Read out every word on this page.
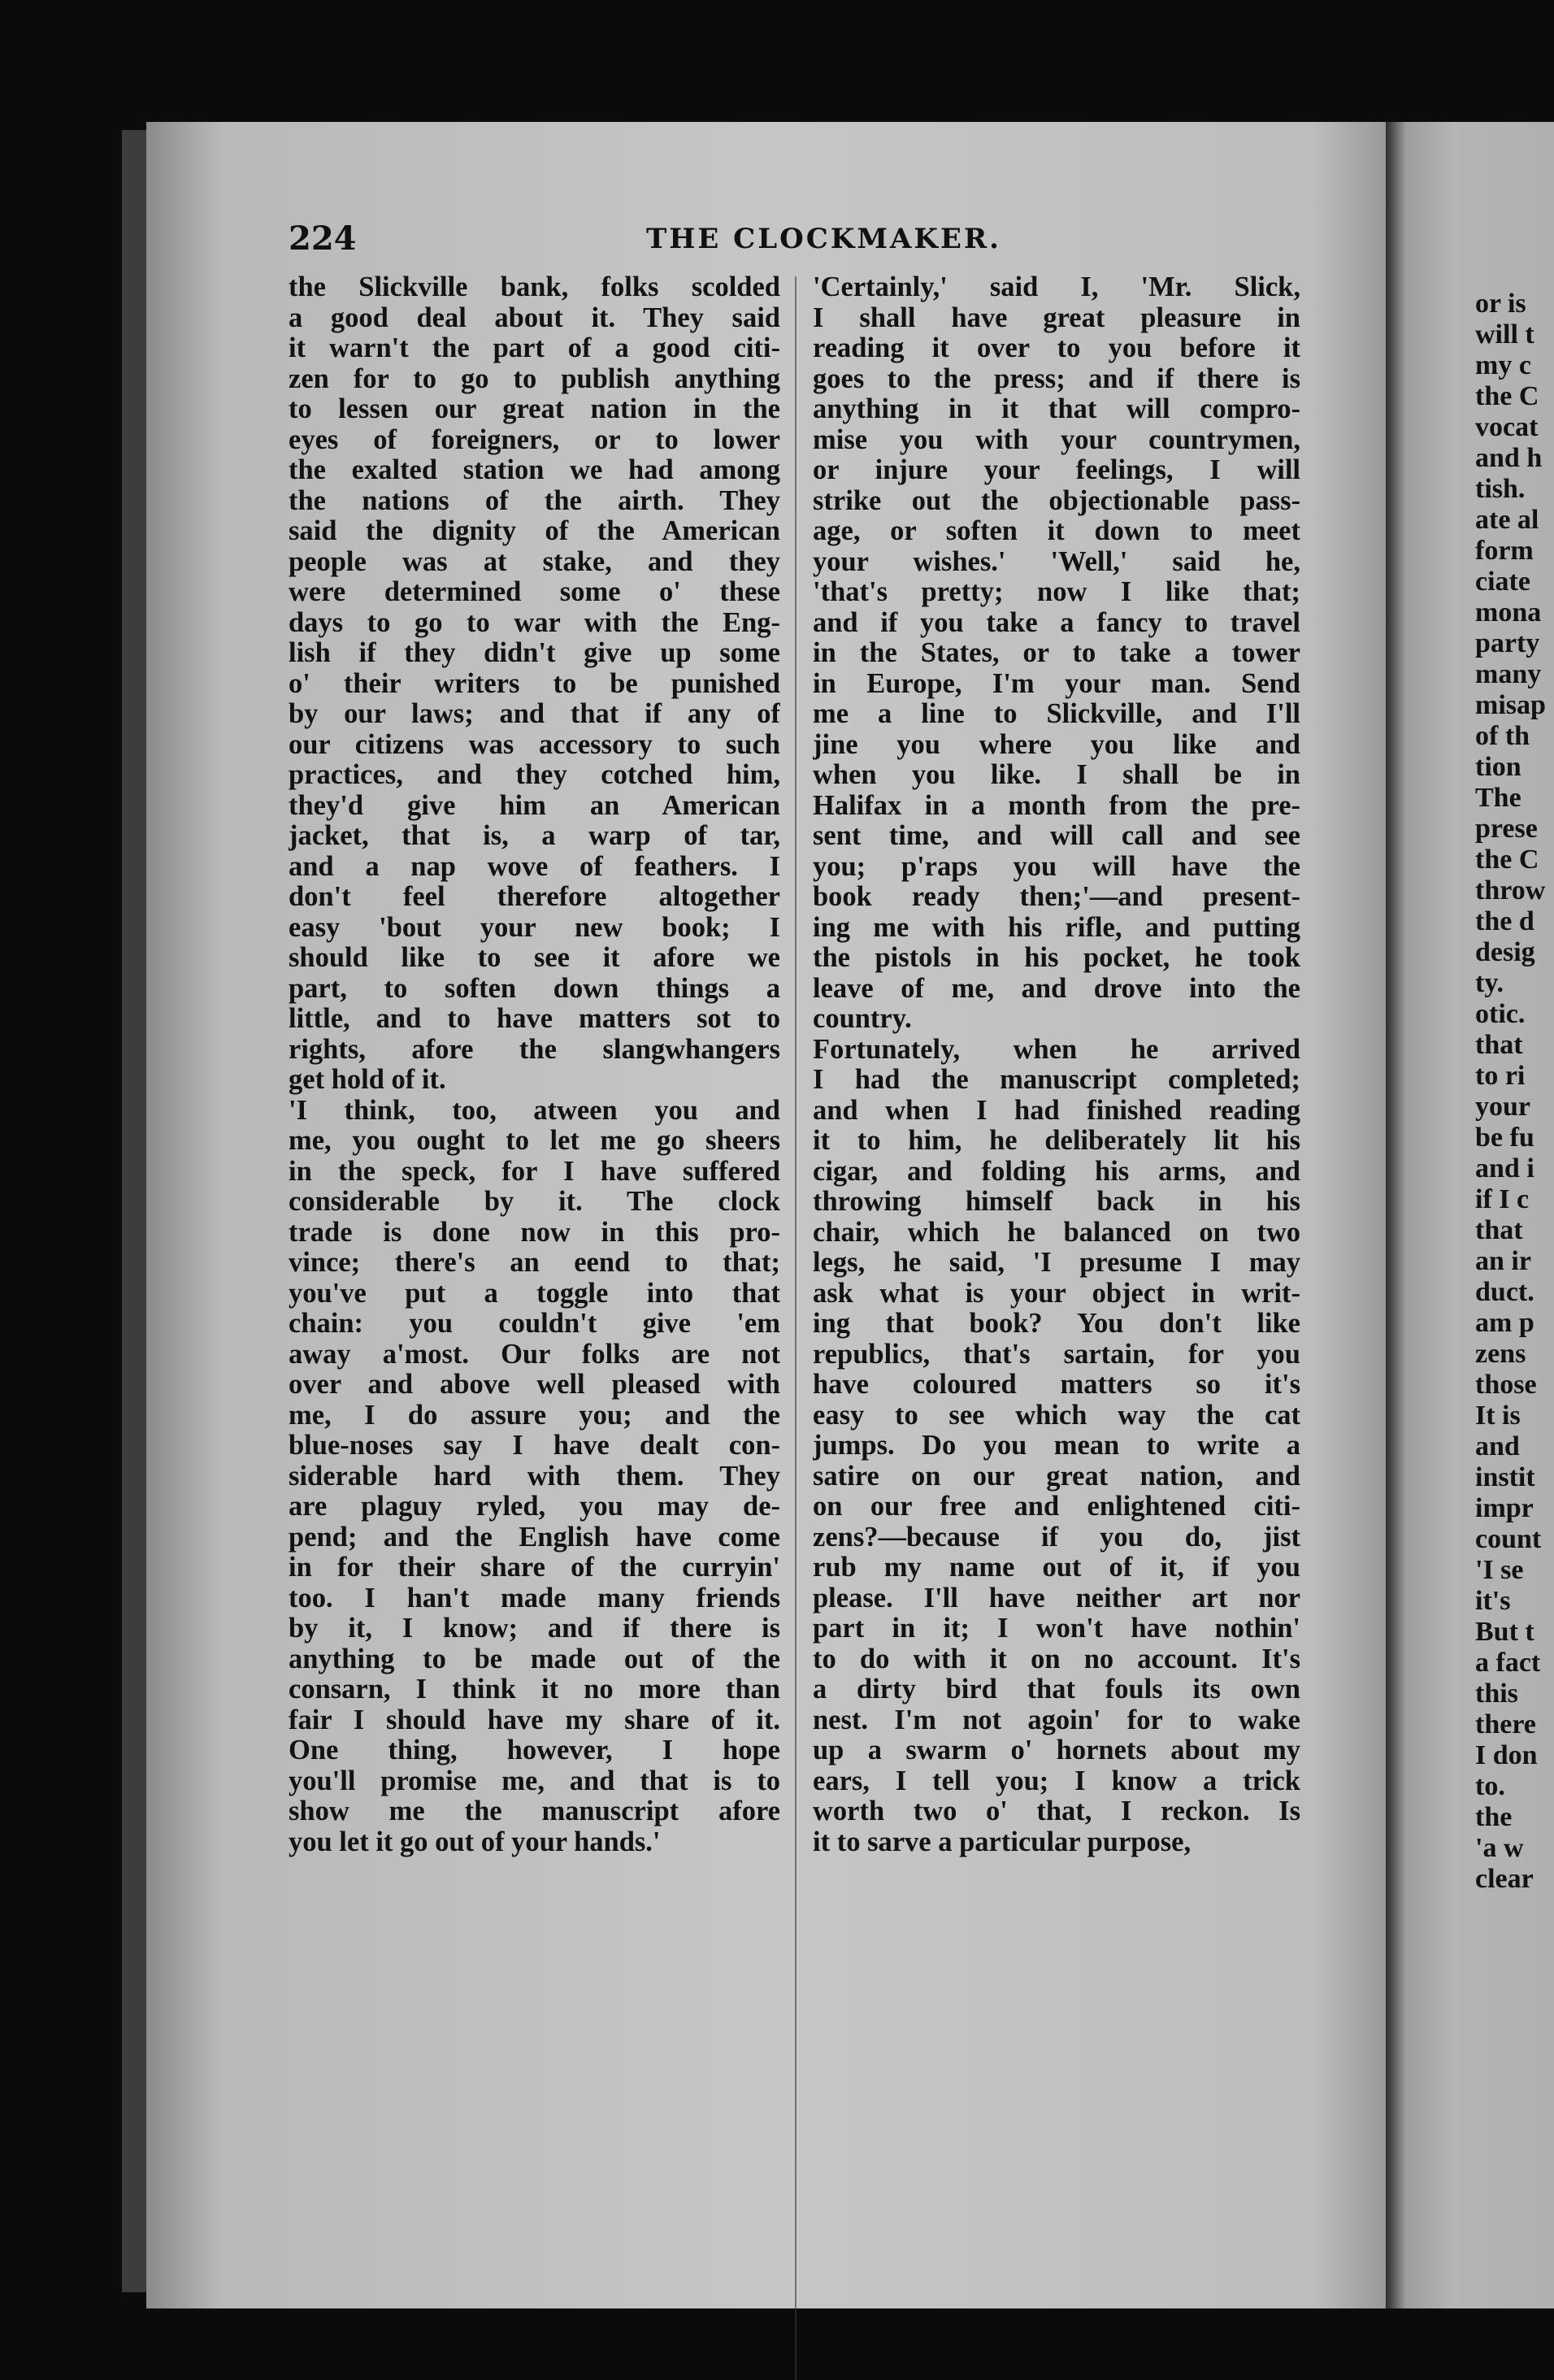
224	THE CLOCKMAKER.
the Slickville bank, folks scolded
a good deal about it. They said
it warn't the part of a good citi-
zen for to go to publish anything
to lessen our great nation in the
eyes of foreigners, or to lower
the exalted station we had among
the nations of the airth. They
said the dignity of the American
people was at stake, and they
were determined some o' these
days to go to war with the Eng-
lish if they didn't give up some
o' their writers to be punished
by our laws; and that if any of
our citizens was accessory to such
practices, and they cotched him,
they'd give him an American
jacket, that is, a warp of tar,
and a nap wove of feathers. I
don't feel therefore altogether
easy 'bout your new book; I
should like to see it afore we
part, to soften down things a
little, and to have matters sot to
rights, afore the slangwhangers
get hold of it.
'I think, too, atween you and
me, you ought to let me go sheers
in the speck, for I have suffered
considerable by it. The clock
trade is done now in this pro-
vince; there's an eend to that;
you've put a toggle into that
chain: you couldn't give 'em
away a'most. Our folks are not
over and above well pleased with
me, I do assure you; and the
blue-noses say I have dealt con-
siderable hard with them. They
are plaguy ryled, you may de-
pend; and the English have come
in for their share of the curryin'
too. I han't made many friends
by it, I know; and if there is
anything to be made out of the
consarn, I think it no more than
fair I should have my share of it.
One thing, however, I hope
you'll promise me, and that is to
show me the manuscript afore
you let it go out of your hands.'
'Certainly,' said I, 'Mr. Slick,
I shall have great pleasure in
reading it over to you before it
goes to the press; and if there is
anything in it that will compro-
mise you with your countrymen,
or injure your feelings, I will
strike out the objectionable pass-
age, or soften it down to meet
your wishes.' 'Well,' said he,
'that's pretty; now I like that;
and if you take a fancy to travel
in the States, or to take a tower
in Europe, I'm your man. Send
me a line to Slickville, and I'll
jine you where you like and
when you like. I shall be in
Halifax in a month from the pre-
sent time, and will call and see
you; p'raps you will have the
book ready then;'—and present-
ing me with his rifle, and putting
the pistols in his pocket, he took
leave of me, and drove into the
country.
Fortunately, when he arrived
I had the manuscript completed;
and when I had finished reading
it to him, he deliberately lit his
cigar, and folding his arms, and
throwing himself back in his
chair, which he balanced on two
legs, he said, 'I presume I may
ask what is your object in writ-
ing that book? You don't like
republics, that's sartain, for you
have coloured matters so it's
easy to see which way the cat
jumps. Do you mean to write a
satire on our great nation, and
on our free and enlightened citi-
zens?—because if you do, jist
rub my name out of it, if you
please. I'll have neither art nor
part in it; I won't have nothin'
to do with it on no account. It's
a dirty bird that fouls its own
nest. I'm not agoin' for to wake
up a swarm o' hornets about my
ears, I tell you; I know a trick
worth two o' that, I reckon. Is
it to sarve a particular purpose,
or is
will t
my c
the C
vocat
and h
tish.
ate al
form
ciate
mona
party
many
misap
of th
tion
The
prese
the C
throw
the d
desig
ty.
otic.
that
to ri
your
be fu
and i
if I c
that
an ir
duct.
am p
zens
those
It is
and
instit
impr
count
'I se
it's
But t
a fact
this
there
I don
to.
the
'a w
clear
